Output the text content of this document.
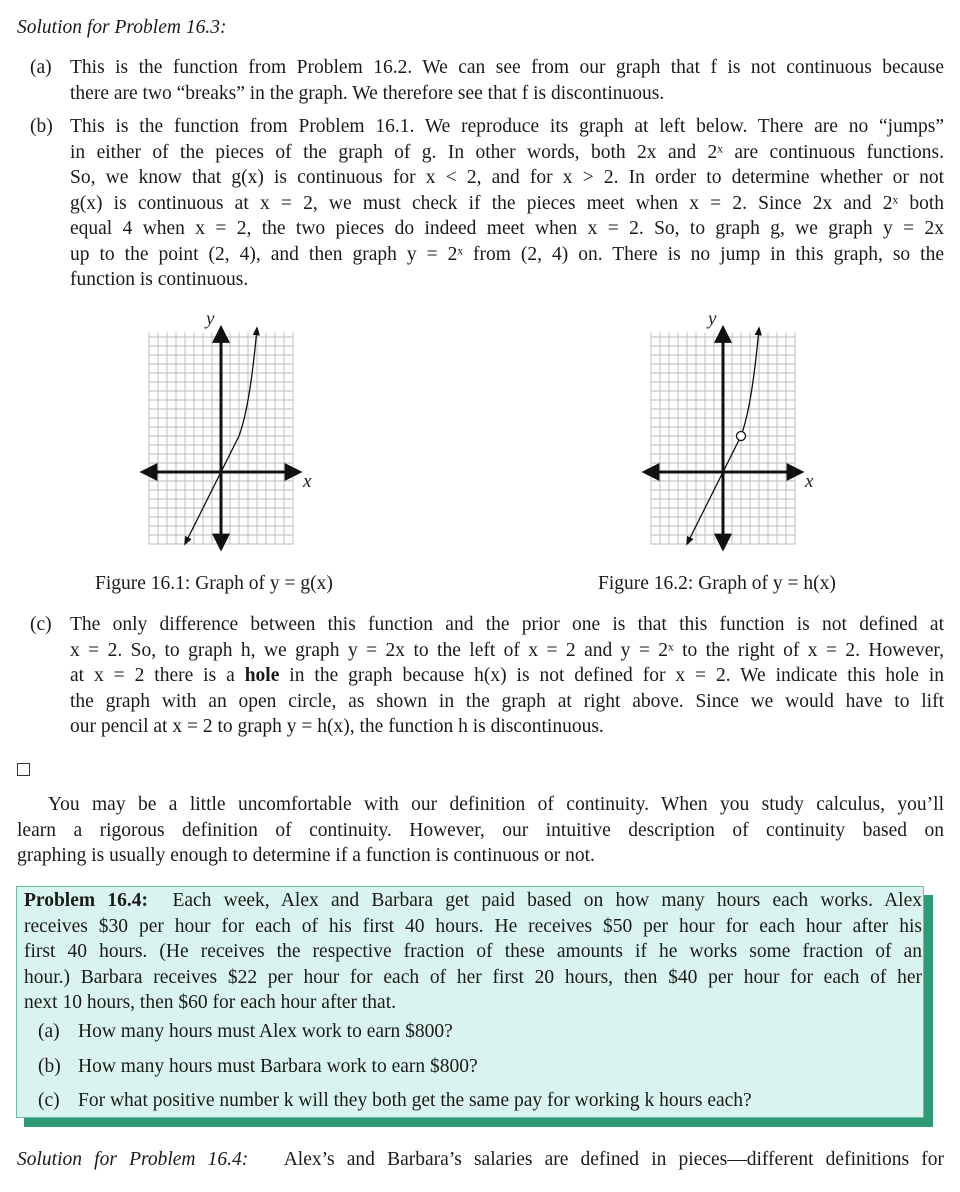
Solution for Problem 16.3:
(a) This is the function from Problem 16.2. We can see from our graph that f is not continuous because
there are two “breaks” in the graph. We therefore see that f is discontinuous.
(b) This is the function from Problem 16.1. We reproduce its graph at left below. There are no “jumps”
in either of the pieces of the graph of g. In other words, both 2x and 2ˣ are continuous functions.
So, we know that g(x) is continuous for x < 2, and for x > 2. In order to determine whether or not
g(x) is continuous at x = 2, we must check if the pieces meet when x = 2. Since 2x and 2ˣ both
equal 4 when x = 2, the two pieces do indeed meet when x = 2. So, to graph g, we graph y = 2x
up to the point (2, 4), and then graph y = 2ˣ from (2, 4) on. There is no jump in this graph, so the
function is continuous.
x
y
x
y
Figure 16.1: Graph of y = g(x)	Figure 16.2: Graph of y = h(x)
(c) The only difference between this function and the prior one is that this function is not defined at
x = 2. So, to graph h, we graph y = 2x to the left of x = 2 and y = 2ˣ to the right of x = 2. However,
at x = 2 there is a hole in the graph because h(x) is not defined for x = 2. We indicate this hole in
the graph with an open circle, as shown in the graph at right above. Since we would have to lift
our pencil at x = 2 to graph y = h(x), the function h is discontinuous.
You may be a little uncomfortable with our definition of continuity. When you study calculus, you’ll
learn a rigorous definition of continuity. However, our intuitive description of continuity based on
graphing is usually enough to determine if a function is continuous or not.
Problem 16.4: Each week, Alex and Barbara get paid based on how many hours each works. Alex
receives $30 per hour for each of his first 40 hours. He receives $50 per hour for each hour after his
first 40 hours. (He receives the respective fraction of these amounts if he works some fraction of an
hour.) Barbara receives $22 per hour for each of her first 20 hours, then $40 per hour for each of her
next 10 hours, then $60 for each hour after that.
(a) How many hours must Alex work to earn $800?
(b) How many hours must Barbara work to earn $800?
(c) For what positive number k will they both get the same pay for working k hours each?
Solution for Problem 16.4: Alex’s and Barbara’s salaries are defined in pieces—different definitions for
